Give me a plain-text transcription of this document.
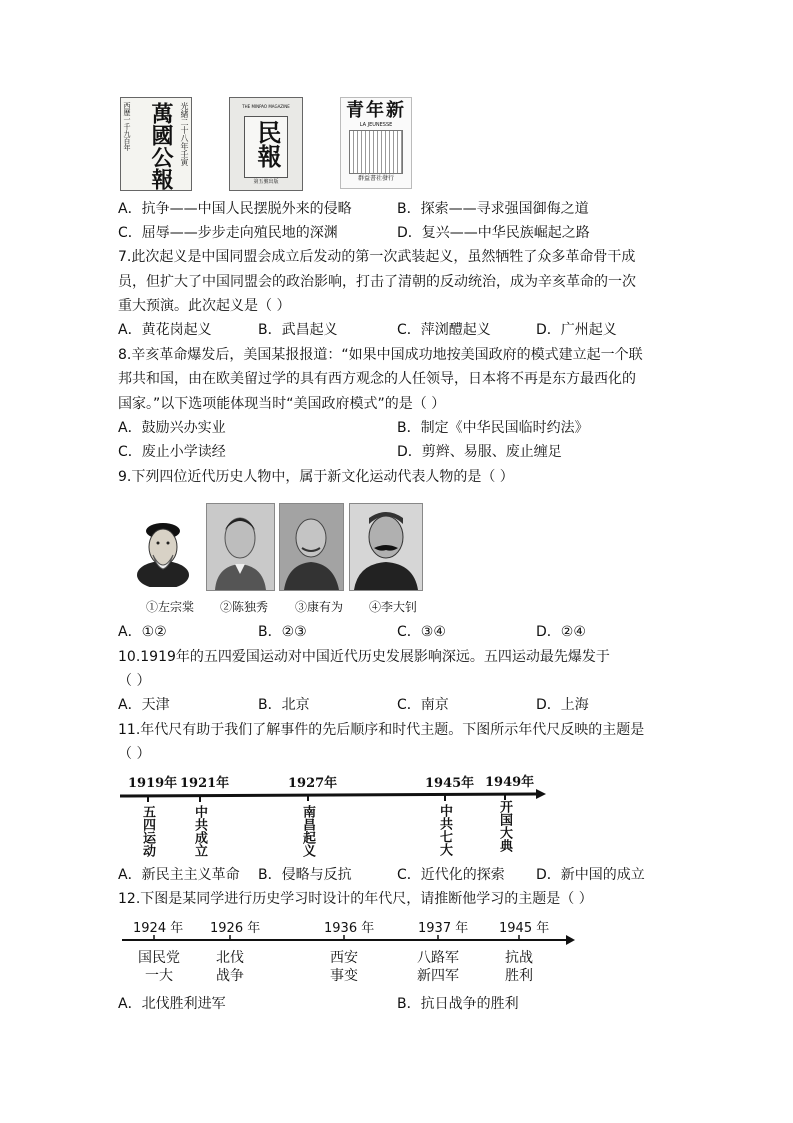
萬國公報 光緒二十八年壬寅
西歷一千九百年	THE MINPAO MAGAZINE
民報
第五號出版
青年新
LA JEUNESSE
群益書社發行
A．抗争——中国人民摆脱外来的侵略	B．探索——寻求强国御侮之道
C．屈辱——步步走向殖民地的深渊	D．复兴——中华民族崛起之路
7.此次起义是中国同盟会成立后发动的第一次武装起义，虽然牺牲了众多革命骨干成
员，但扩大了中国同盟会的政治影响，打击了清朝的反动统治，成为辛亥革命的一次
重大预演。此次起义是（ ）
A．黄花岗起义	B．武昌起义	C．萍浏醴起义	D．广州起义
8.辛亥革命爆发后，美国某报报道：“如果中国成功地按美国政府的模式建立起一个联
邦共和国，由在欧美留过学的具有西方观念的人任领导，日本将不再是东方最西化的
国家。”以下选项能体现当时“美国政府模式”的是（ ）
A．鼓励兴办实业	B．制定《中华民国临时约法》
C．废止小学读经	D．剪辫、易服、废止缠足
9.下列四位近代历史人物中，属于新文化运动代表人物的是（ ）
①左宗棠 ②陈独秀 ③康有为 ④李大钊
A．①②	B．②③	C．③④	D．②④
10.1919年的五四爱国运动对中国近代历史发展影响深远。五四运动最先爆发于
（ ）
A．天津	B．北京	C．南京	D．上海
11.年代尺有助于我们了解事件的先后顺序和时代主题。下图所示年代尺反映的主题是
（ ）
1919年 1921年	1927年	1945年 1949年
五四运动	中共成立	南昌起义	中共七大	开国大典
A．新民主主义革命 B．侵略与反抗	C．近代化的探索 D．新中国的成立
12.下图是某同学进行历史学习时设计的年代尺，请推断他学习的主题是（ ）
1924 年 1926 年	1936 年	1937 年 1945 年
国民党
一大
北伐
战争
西安
事变
八路军
新四军
抗战
胜利
A．北伐胜利进军	B．抗日战争的胜利
